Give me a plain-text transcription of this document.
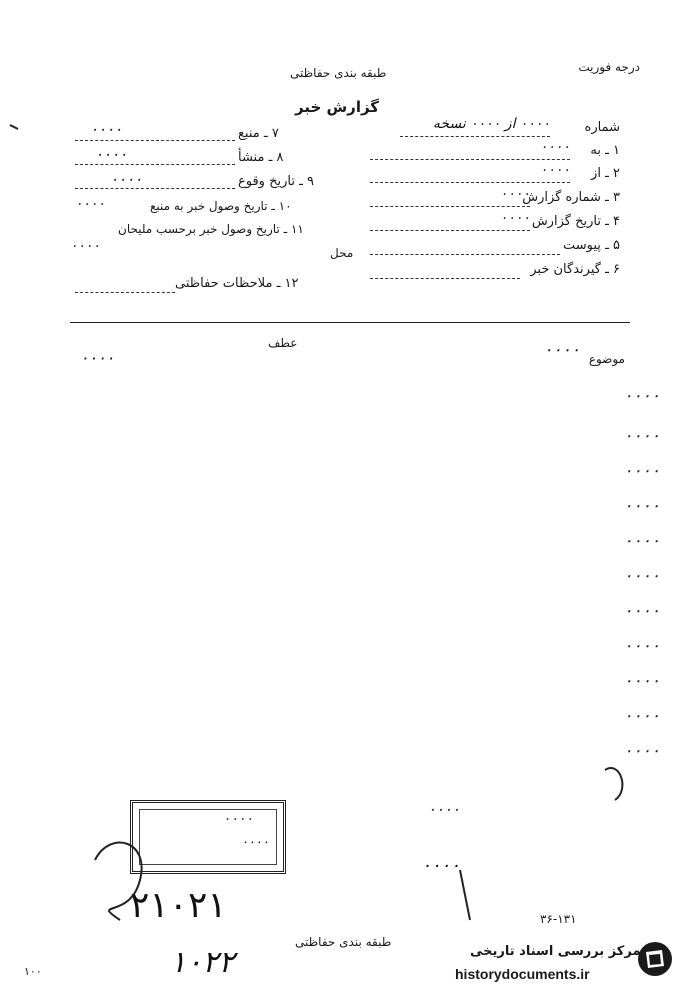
طبقه بندی حفاظتی	درجه فوریت
گزارش خبر
شماره
۰۰۰۰ از ۰۰۰۰ نسخه
۱ ـ به
۰۰۰۰
۲ ـ از
۰۰۰۰
۳ ـ شماره گزارش
۰۰۰۰
۴ ـ تاریخ گزارش
۰۰۰۰
۵ ـ پیوست
۶ ـ گیرندگان خبر
۷ ـ منبع
۰۰۰۰
۸ ـ منشأ
۰۰۰۰
۹ ـ تاریخ وقوع
۰۰۰۰
۱۰ ـ تاریخ وصول خبر به منبع
۰۰۰۰
۱۱ ـ تاریخ وصول خبر برحسب ملیحان
۰۰۰۰	محل
۱۲ ـ ملاحظات حفاظتی
موضوع
۰۰۰۰
عطف
۰۰۰۰
۰۰۰۰
۰۰۰۰
۰۰۰۰
۰۰۰۰
۰۰۰۰
۰۰۰۰
۰۰۰۰
۰۰۰۰
۰۰۰۰
۰۰۰۰
۰۰۰۰
۰۰۰۰
۰۰۰۰
۰۰۰۰
۰۰۰۰
۲۱۰۲۱
۱۰۲۲
۳۶-۱۳۱
طبقه بندی حفاظتی
۱۰۰
مرکز بررسی اسناد تاریخی
historydocuments.ir
